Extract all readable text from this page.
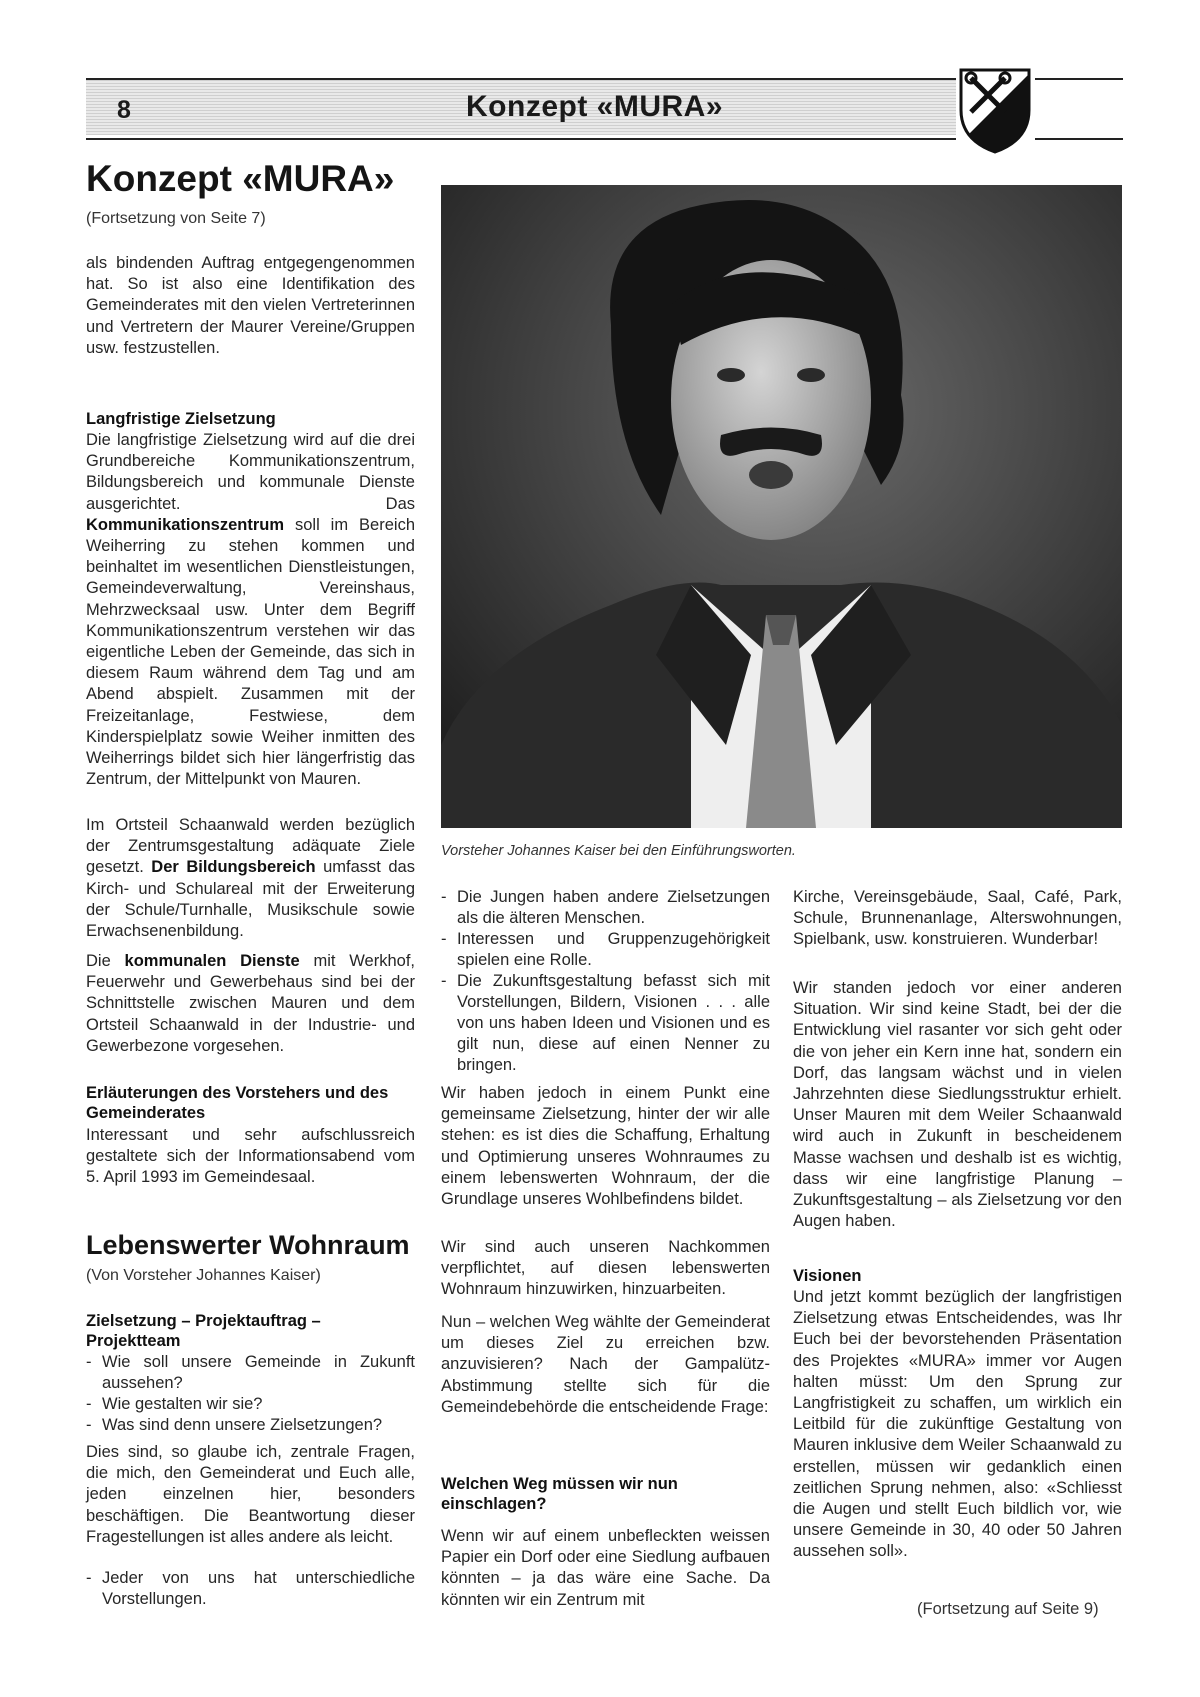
8	Konzept «MURA»
Konzept «MURA»
(Fortsetzung von Seite 7)

als bindenden Auftrag entgegengenommen hat. So ist also eine Identifikation des Gemeinderates mit den vielen Vertreterinnen und Vertretern der Maurer Vereine/Gruppen usw. festzustellen.

Langfristige Zielsetzung

Die langfristige Zielsetzung wird auf die drei Grundbereiche Kommunikationszentrum, Bildungsbereich und kommunale Dienste ausgerichtet. Das Kommunikationszentrum soll im Bereich Weiherring zu stehen kommen und beinhaltet im wesentlichen Dienstleistungen, Gemeindeverwaltung, Vereinshaus, Mehrzwecksaal usw. Unter dem Begriff Kommunikationszentrum verstehen wir das eigentliche Leben der Gemeinde, das sich in diesem Raum während dem Tag und am Abend abspielt. Zusammen mit der Freizeitanlage, Festwiese, dem Kinderspielplatz sowie Weiher inmitten des Weiherrings bildet sich hier längerfristig das Zentrum, der Mittelpunkt von Mauren.

Im Ortsteil Schaanwald werden bezüglich der Zentrumsgestaltung adäquate Ziele gesetzt. Der Bildungsbereich umfasst das Kirch- und Schulareal mit der Erweiterung der Schule/Turnhalle, Musikschule sowie Erwachsenenbildung.

Die kommunalen Dienste mit Werkhof, Feuerwehr und Gewerbehaus sind bei der Schnittstelle zwischen Mauren und dem Ortsteil Schaanwald in der Industrie- und Gewerbezone vorgesehen.

Erläuterungen des Vorstehers und des Gemeinderates

Interessant und sehr aufschlussreich gestaltete sich der Informationsabend vom 5. April 1993 im Gemeindesaal.

Lebenswerter Wohnraum
(Von Vorsteher Johannes Kaiser)
Zielsetzung – Projektauftrag – Projektteam
- Wie soll unsere Gemeinde in Zukunft aussehen?
- Wie gestalten wir sie?
- Was sind denn unsere Zielsetzungen?

Dies sind, so glaube ich, zentrale Fragen, die mich, den Gemeinderat und Euch alle, jeden einzelnen hier, besonders beschäftigen. Die Beantwortung dieser Fragestellungen ist alles andere als leicht.

- Jeder von uns hat unterschiedliche Vorstellungen.
Vorsteher Johannes Kaiser bei den Einführungsworten.
- Die Jungen haben andere Zielsetzungen als die älteren Menschen.
- Interessen und Gruppenzugehörigkeit spielen eine Rolle.
- Die Zukunftsgestaltung befasst sich mit Vorstellungen, Bildern, Visionen . . . alle von uns haben Ideen und Visionen und es gilt nun, diese auf einen Nenner zu bringen.

Wir haben jedoch in einem Punkt eine gemeinsame Zielsetzung, hinter der wir alle stehen: es ist dies die Schaffung, Erhaltung und Optimierung unseres Wohnraumes zu einem lebenswerten Wohnraum, der die Grundlage unseres Wohlbefindens bildet.

Wir sind auch unseren Nachkommen verpflichtet, auf diesen lebenswerten Wohnraum hinzuwirken, hinzuarbeiten.

Nun – welchen Weg wählte der Gemeinderat um dieses Ziel zu erreichen bzw. anzuvisieren? Nach der Gampalütz-Abstimmung stellte sich für die Gemeindebehörde die entscheidende Frage:

Welchen Weg müssen wir nun einschlagen?

Wenn wir auf einem unbefleckten weissen Papier ein Dorf oder eine Siedlung aufbauen könnten – ja das wäre eine Sache. Da könnten wir ein Zentrum mit

Kirche, Vereinsgebäude, Saal, Café, Park, Schule, Brunnenanlage, Alterswohnungen, Spielbank, usw. konstruieren. Wunderbar!

Wir standen jedoch vor einer anderen Situation. Wir sind keine Stadt, bei der die Entwicklung viel rasanter vor sich geht oder die von jeher ein Kern inne hat, sondern ein Dorf, das langsam wächst und in vielen Jahrzehnten diese Siedlungsstruktur erhielt. Unser Mauren mit dem Weiler Schaanwald wird auch in Zukunft in bescheidenem Masse wachsen und deshalb ist es wichtig, dass wir eine langfristige Planung – Zukunftsgestaltung – als Zielsetzung vor den Augen haben.

Visionen

Und jetzt kommt bezüglich der langfristigen Zielsetzung etwas Entscheidendes, was Ihr Euch bei der bevorstehenden Präsentation des Projektes «MURA» immer vor Augen halten müsst: Um den Sprung zur Langfristigkeit zu schaffen, um wirklich ein Leitbild für die zukünftige Gestaltung von Mauren inklusive dem Weiler Schaanwald zu erstellen, müssen wir gedanklich einen zeitlichen Sprung nehmen, also: «Schliesst die Augen und stellt Euch bildlich vor, wie unsere Gemeinde in 30, 40 oder 50 Jahren aussehen soll».

(Fortsetzung auf Seite 9)
